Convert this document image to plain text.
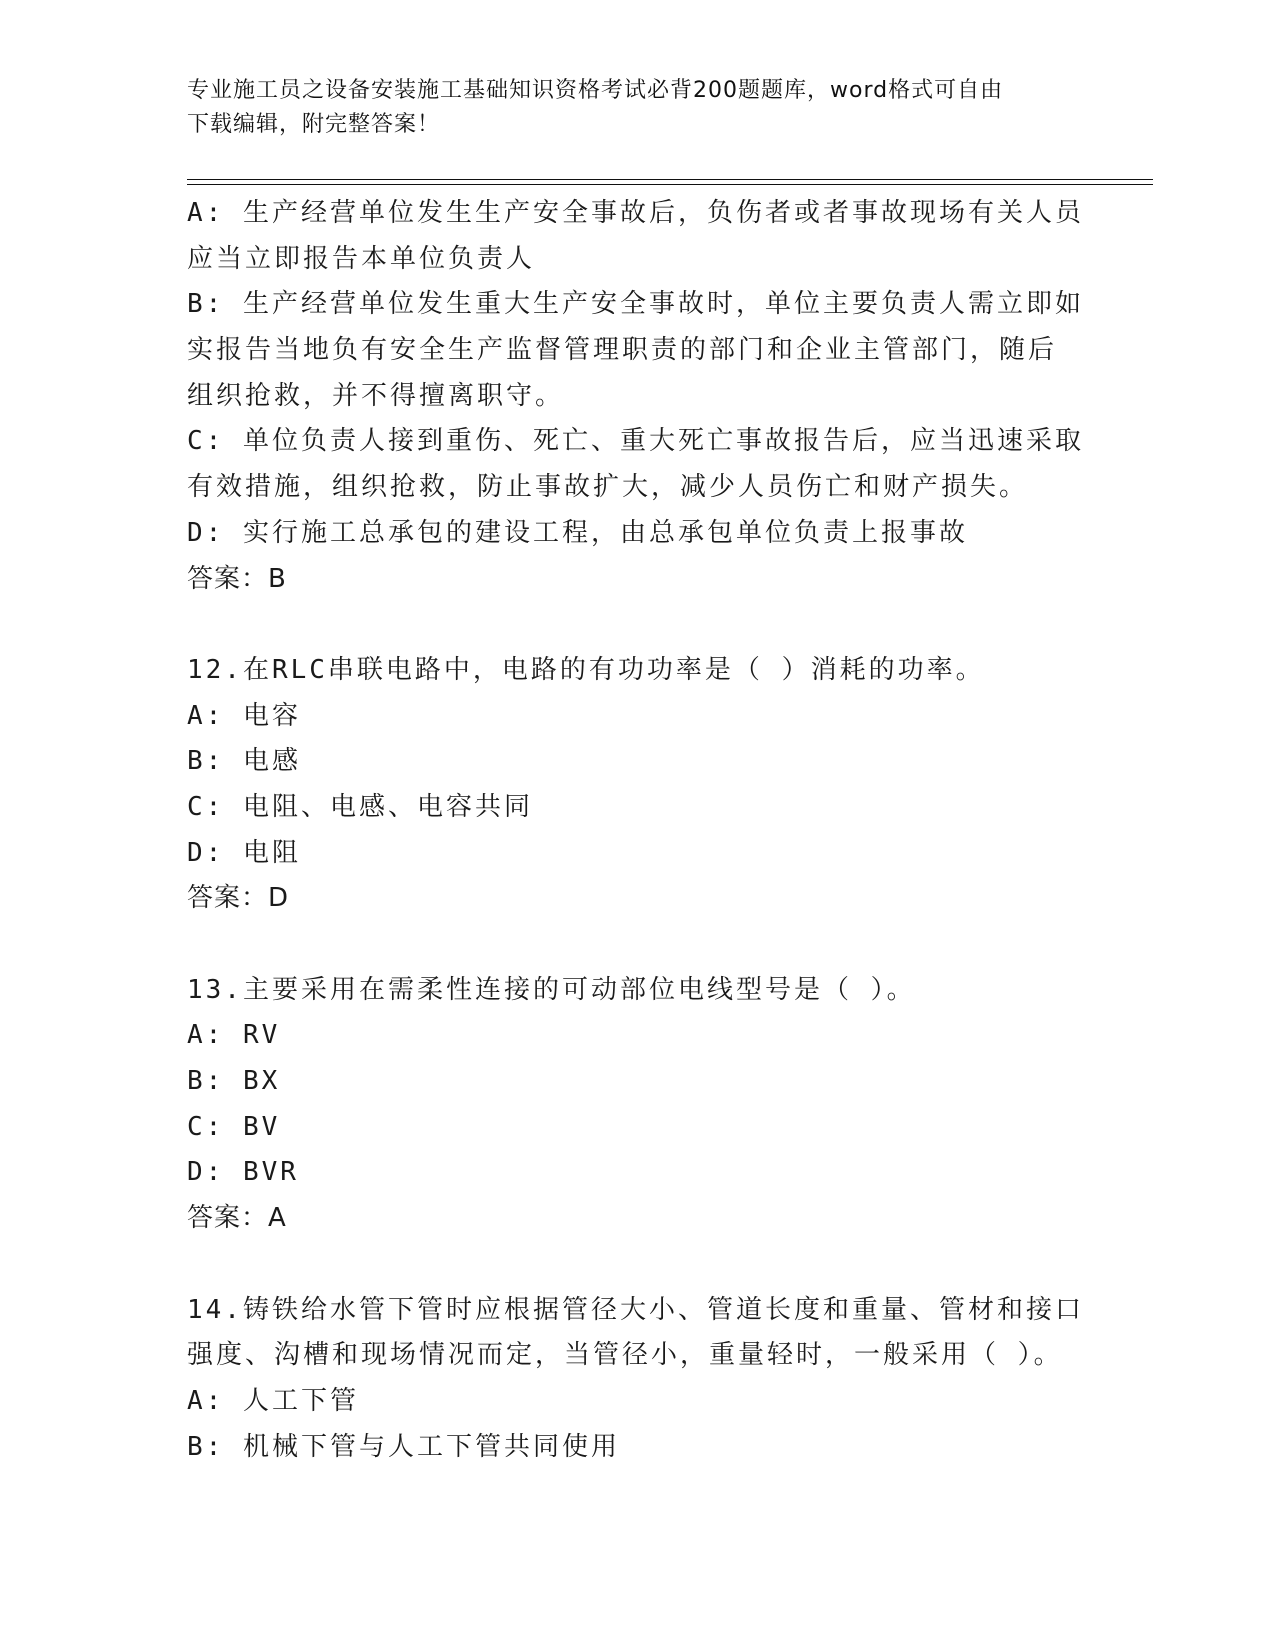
专业施工员之设备安装施工基础知识资格考试必背200题题库，word格式可自由
下载编辑，附完整答案！
A: 生产经营单位发生生产安全事故后，负伤者或者事故现场有关人员
应当立即报告本单位负责人
B: 生产经营单位发生重大生产安全事故时，单位主要负责人需立即如
实报告当地负有安全生产监督管理职责的部门和企业主管部门，随后
组织抢救，并不得擅离职守。
C: 单位负责人接到重伤、死亡、重大死亡事故报告后，应当迅速采取
有效措施，组织抢救，防止事故扩大，减少人员伤亡和财产损失。
D: 实行施工总承包的建设工程，由总承包单位负责上报事故
答案：B
12.在RLC串联电路中，电路的有功功率是（ ）消耗的功率。
A: 电容
B: 电感
C: 电阻、电感、电容共同
D: 电阻
答案：D
13.主要采用在需柔性连接的可动部位电线型号是（ ）。
A: RV
B: BX
C: BV
D: BVR
答案：A
14.铸铁给水管下管时应根据管径大小、管道长度和重量、管材和接口
强度、沟槽和现场情况而定，当管径小，重量轻时，一般采用（ ）。
A: 人工下管
B: 机械下管与人工下管共同使用
